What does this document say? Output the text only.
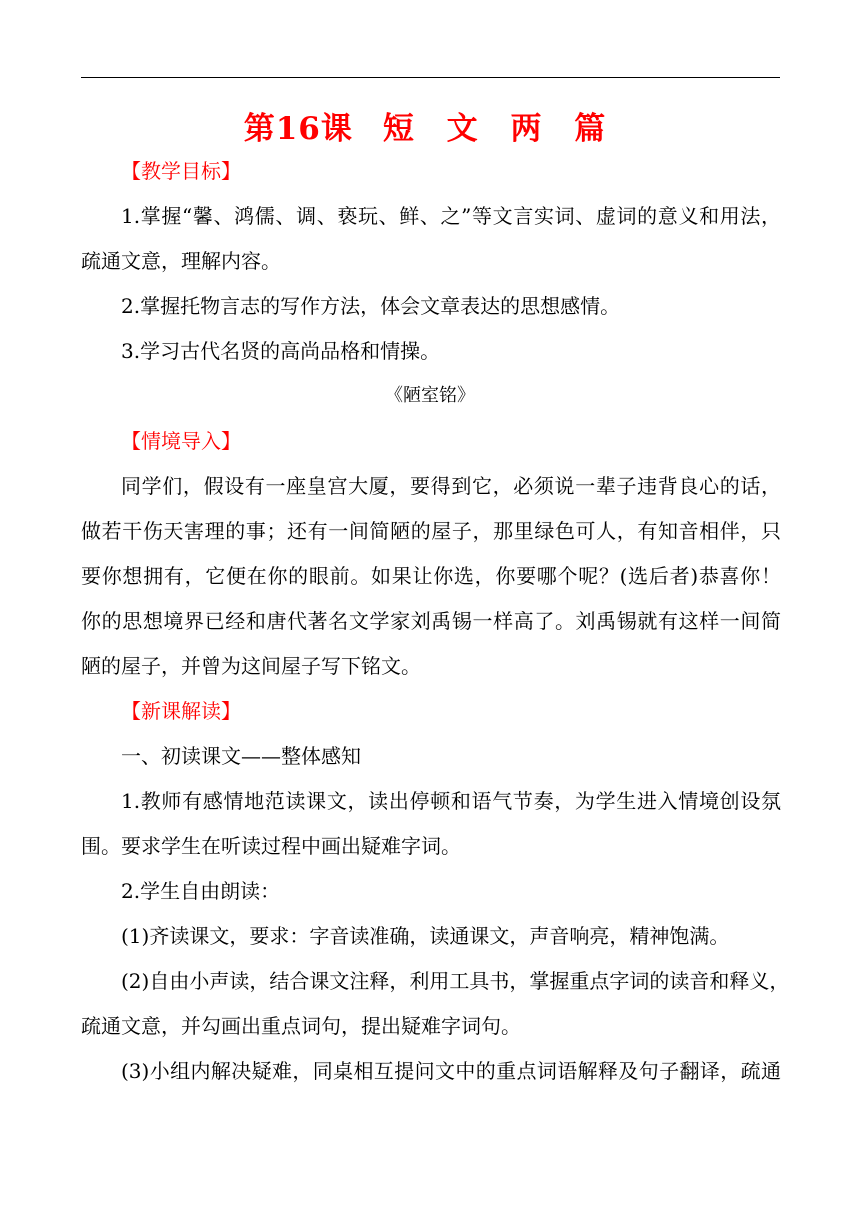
第16课 短 文 两 篇
【教学目标】
1.掌握“馨、鸿儒、调、亵玩、鲜、之”等文言实词、虚词的意义和用法，
疏通文意，理解内容。
2.掌握托物言志的写作方法，体会文章表达的思想感情。
3.学习古代名贤的高尚品格和情操。
《陋室铭》
【情境导入】
同学们，假设有一座皇宫大厦，要得到它，必须说一辈子违背良心的话，
做若干伤天害理的事；还有一间简陋的屋子，那里绿色可人，有知音相伴，只
要你想拥有，它便在你的眼前。如果让你选，你要哪个呢？(选后者)恭喜你！
你的思想境界已经和唐代著名文学家刘禹锡一样高了。刘禹锡就有这样一间简
陋的屋子，并曾为这间屋子写下铭文。
【新课解读】
一、初读课文——整体感知
1.教师有感情地范读课文，读出停顿和语气节奏，为学生进入情境创设氛
围。要求学生在听读过程中画出疑难字词。
2.学生自由朗读：
(1)齐读课文，要求：字音读准确，读通课文，声音响亮，精神饱满。
(2)自由小声读，结合课文注释，利用工具书，掌握重点字词的读音和释义，
疏通文意，并勾画出重点词句，提出疑难字词句。
(3)小组内解决疑难，同桌相互提问文中的重点词语解释及句子翻译，疏通
